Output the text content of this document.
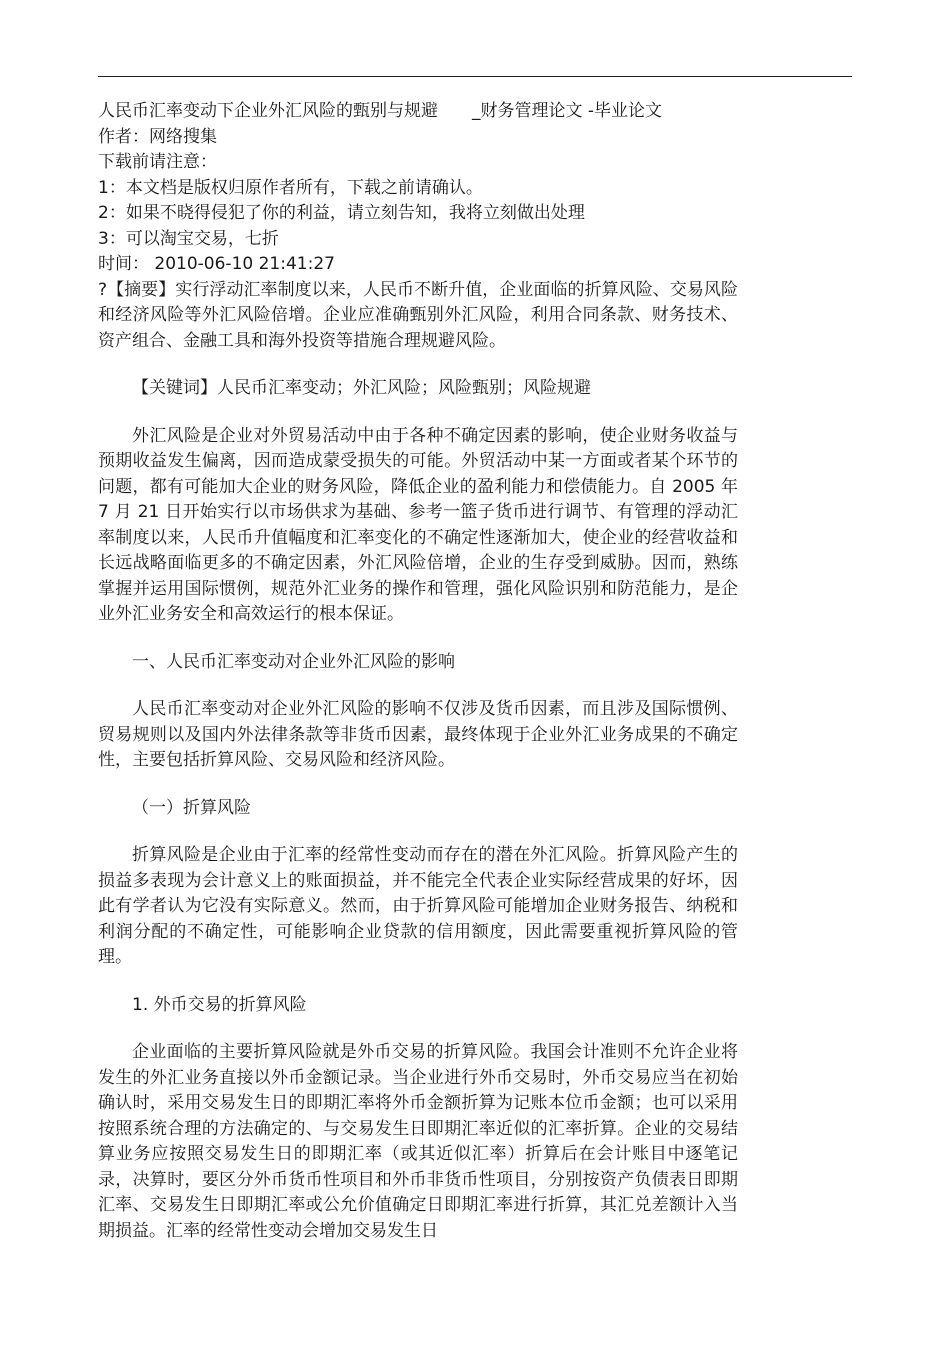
人民币汇率变动下企业外汇风险的甄别与规避　　_财务管理论文 -毕业论文

作者：网络搜集

下载前请注意：

1：本文档是版权归原作者所有，下载之前请确认。

2：如果不晓得侵犯了你的利益，请立刻告知，我将立刻做出处理

3：可以淘宝交易，七折

时间： 2010-06-10 21:41:27

?【摘要】实行浮动汇率制度以来，人民币不断升值，企业面临的折算风险、交易风险和经济风险等外汇风险倍增。企业应准确甄别外汇风险，利用合同条款、财务技术、资产组合、金融工具和海外投资等措施合理规避风险。

【关键词】人民币汇率变动；外汇风险；风险甄别；风险规避

外汇风险是企业对外贸易活动中由于各种不确定因素的影响，使企业财务收益与预期收益发生偏离，因而造成蒙受损失的可能。外贸活动中某一方面或者某个环节的问题，都有可能加大企业的财务风险，降低企业的盈利能力和偿债能力。自 2005 年 7 月 21 日开始实行以市场供求为基础、参考一篮子货币进行调节、有管理的浮动汇率制度以来，人民币升值幅度和汇率变化的不确定性逐渐加大，使企业的经营收益和长远战略面临更多的不确定因素，外汇风险倍增，企业的生存受到威胁。因而，熟练掌握并运用国际惯例，规范外汇业务的操作和管理，强化风险识别和防范能力，是企业外汇业务安全和高效运行的根本保证。

一、人民币汇率变动对企业外汇风险的影响

人民币汇率变动对企业外汇风险的影响不仅涉及货币因素，而且涉及国际惯例、贸易规则以及国内外法律条款等非货币因素，最终体现于企业外汇业务成果的不确定性，主要包括折算风险、交易风险和经济风险。

（一）折算风险

折算风险是企业由于汇率的经常性变动而存在的潜在外汇风险。折算风险产生的损益多表现为会计意义上的账面损益，并不能完全代表企业实际经营成果的好坏，因此有学者认为它没有实际意义。然而，由于折算风险可能增加企业财务报告、纳税和利润分配的不确定性，可能影响企业贷款的信用额度，因此需要重视折算风险的管理。

1. 外币交易的折算风险

企业面临的主要折算风险就是外币交易的折算风险。我国会计准则不允许企业将发生的外汇业务直接以外币金额记录。当企业进行外币交易时，外币交易应当在初始确认时，采用交易发生日的即期汇率将外币金额折算为记账本位币金额；也可以采用按照系统合理的方法确定的、与交易发生日即期汇率近似的汇率折算。企业的交易结算业务应按照交易发生日的即期汇率（或其近似汇率）折算后在会计账目中逐笔记录，决算时，要区分外币货币性项目和外币非货币性项目，分别按资产负债表日即期汇率、交易发生日即期汇率或公允价值确定日即期汇率进行折算，其汇兑差额计入当期损益。汇率的经常性变动会增加交易发生日
